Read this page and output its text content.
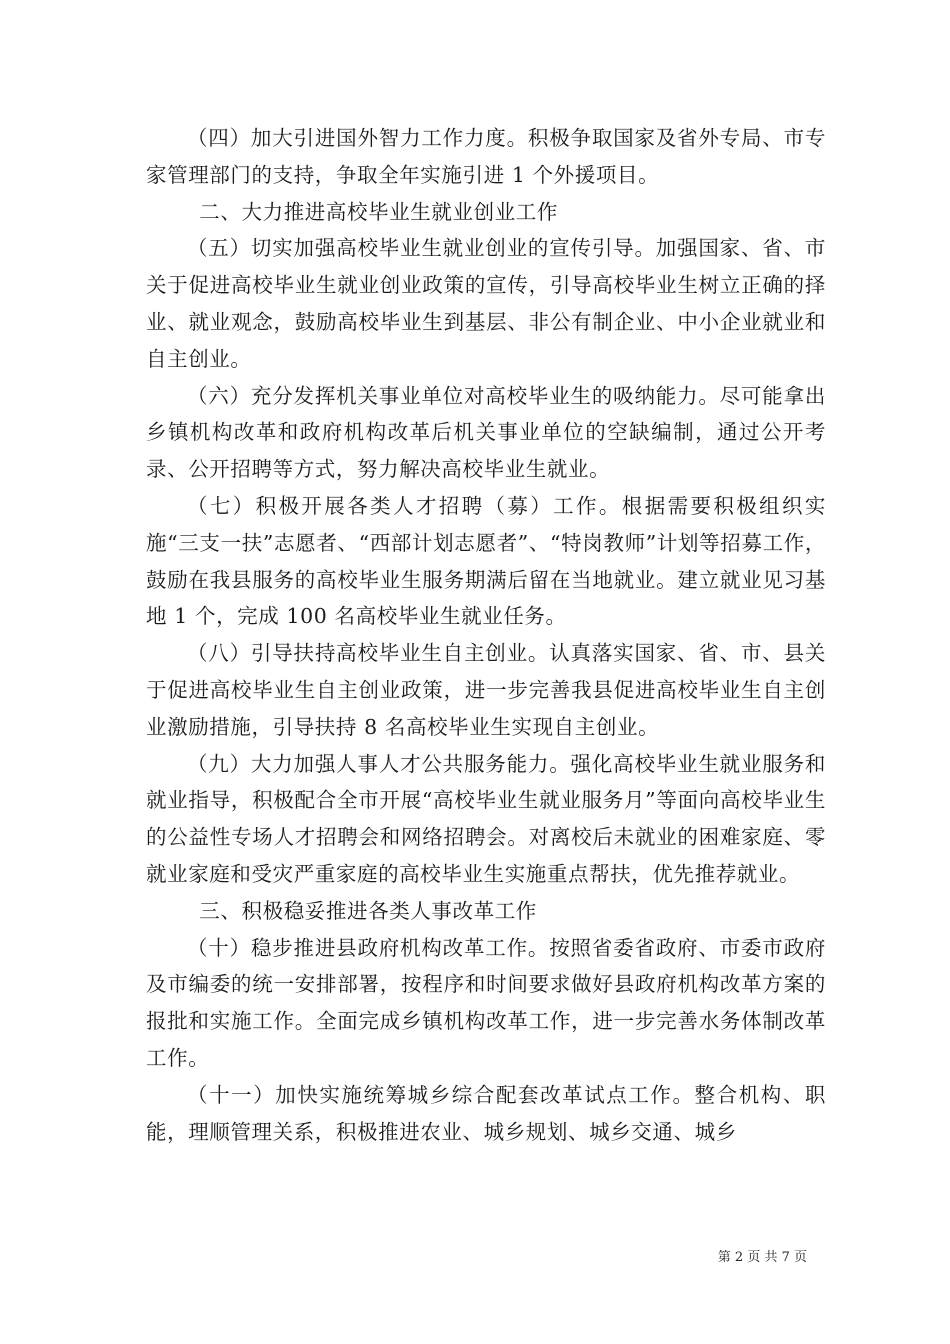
（四）加大引进国外智力工作力度。积极争取国家及省外专局、市专家管理部门的支持，争取全年实施引进 1 个外援项目。

二、大力推进高校毕业生就业创业工作

（五）切实加强高校毕业生就业创业的宣传引导。加强国家、省、市关于促进高校毕业生就业创业政策的宣传，引导高校毕业生树立正确的择业、就业观念，鼓励高校毕业生到基层、非公有制企业、中小企业就业和自主创业。

（六）充分发挥机关事业单位对高校毕业生的吸纳能力。尽可能拿出乡镇机构改革和政府机构改革后机关事业单位的空缺编制，通过公开考录、公开招聘等方式，努力解决高校毕业生就业。

（七）积极开展各类人才招聘（募）工作。根据需要积极组织实施“三支一扶”志愿者、“西部计划志愿者”、“特岗教师”计划等招募工作，鼓励在我县服务的高校毕业生服务期满后留在当地就业。建立就业见习基地 1 个，完成 100 名高校毕业生就业任务。

（八）引导扶持高校毕业生自主创业。认真落实国家、省、市、县关于促进高校毕业生自主创业政策，进一步完善我县促进高校毕业生自主创业激励措施，引导扶持 8 名高校毕业生实现自主创业。

（九）大力加强人事人才公共服务能力。强化高校毕业生就业服务和就业指导，积极配合全市开展“高校毕业生就业服务月”等面向高校毕业生的公益性专场人才招聘会和网络招聘会。对离校后未就业的困难家庭、零就业家庭和受灾严重家庭的高校毕业生实施重点帮扶，优先推荐就业。

三、积极稳妥推进各类人事改革工作

（十）稳步推进县政府机构改革工作。按照省委省政府、市委市政府及市编委的统一安排部署，按程序和时间要求做好县政府机构改革方案的报批和实施工作。全面完成乡镇机构改革工作，进一步完善水务体制改革工作。

（十一）加快实施统筹城乡综合配套改革试点工作。整合机构、职能，理顺管理关系，积极推进农业、城乡规划、城乡交通、城乡

第 2 页 共 7 页
